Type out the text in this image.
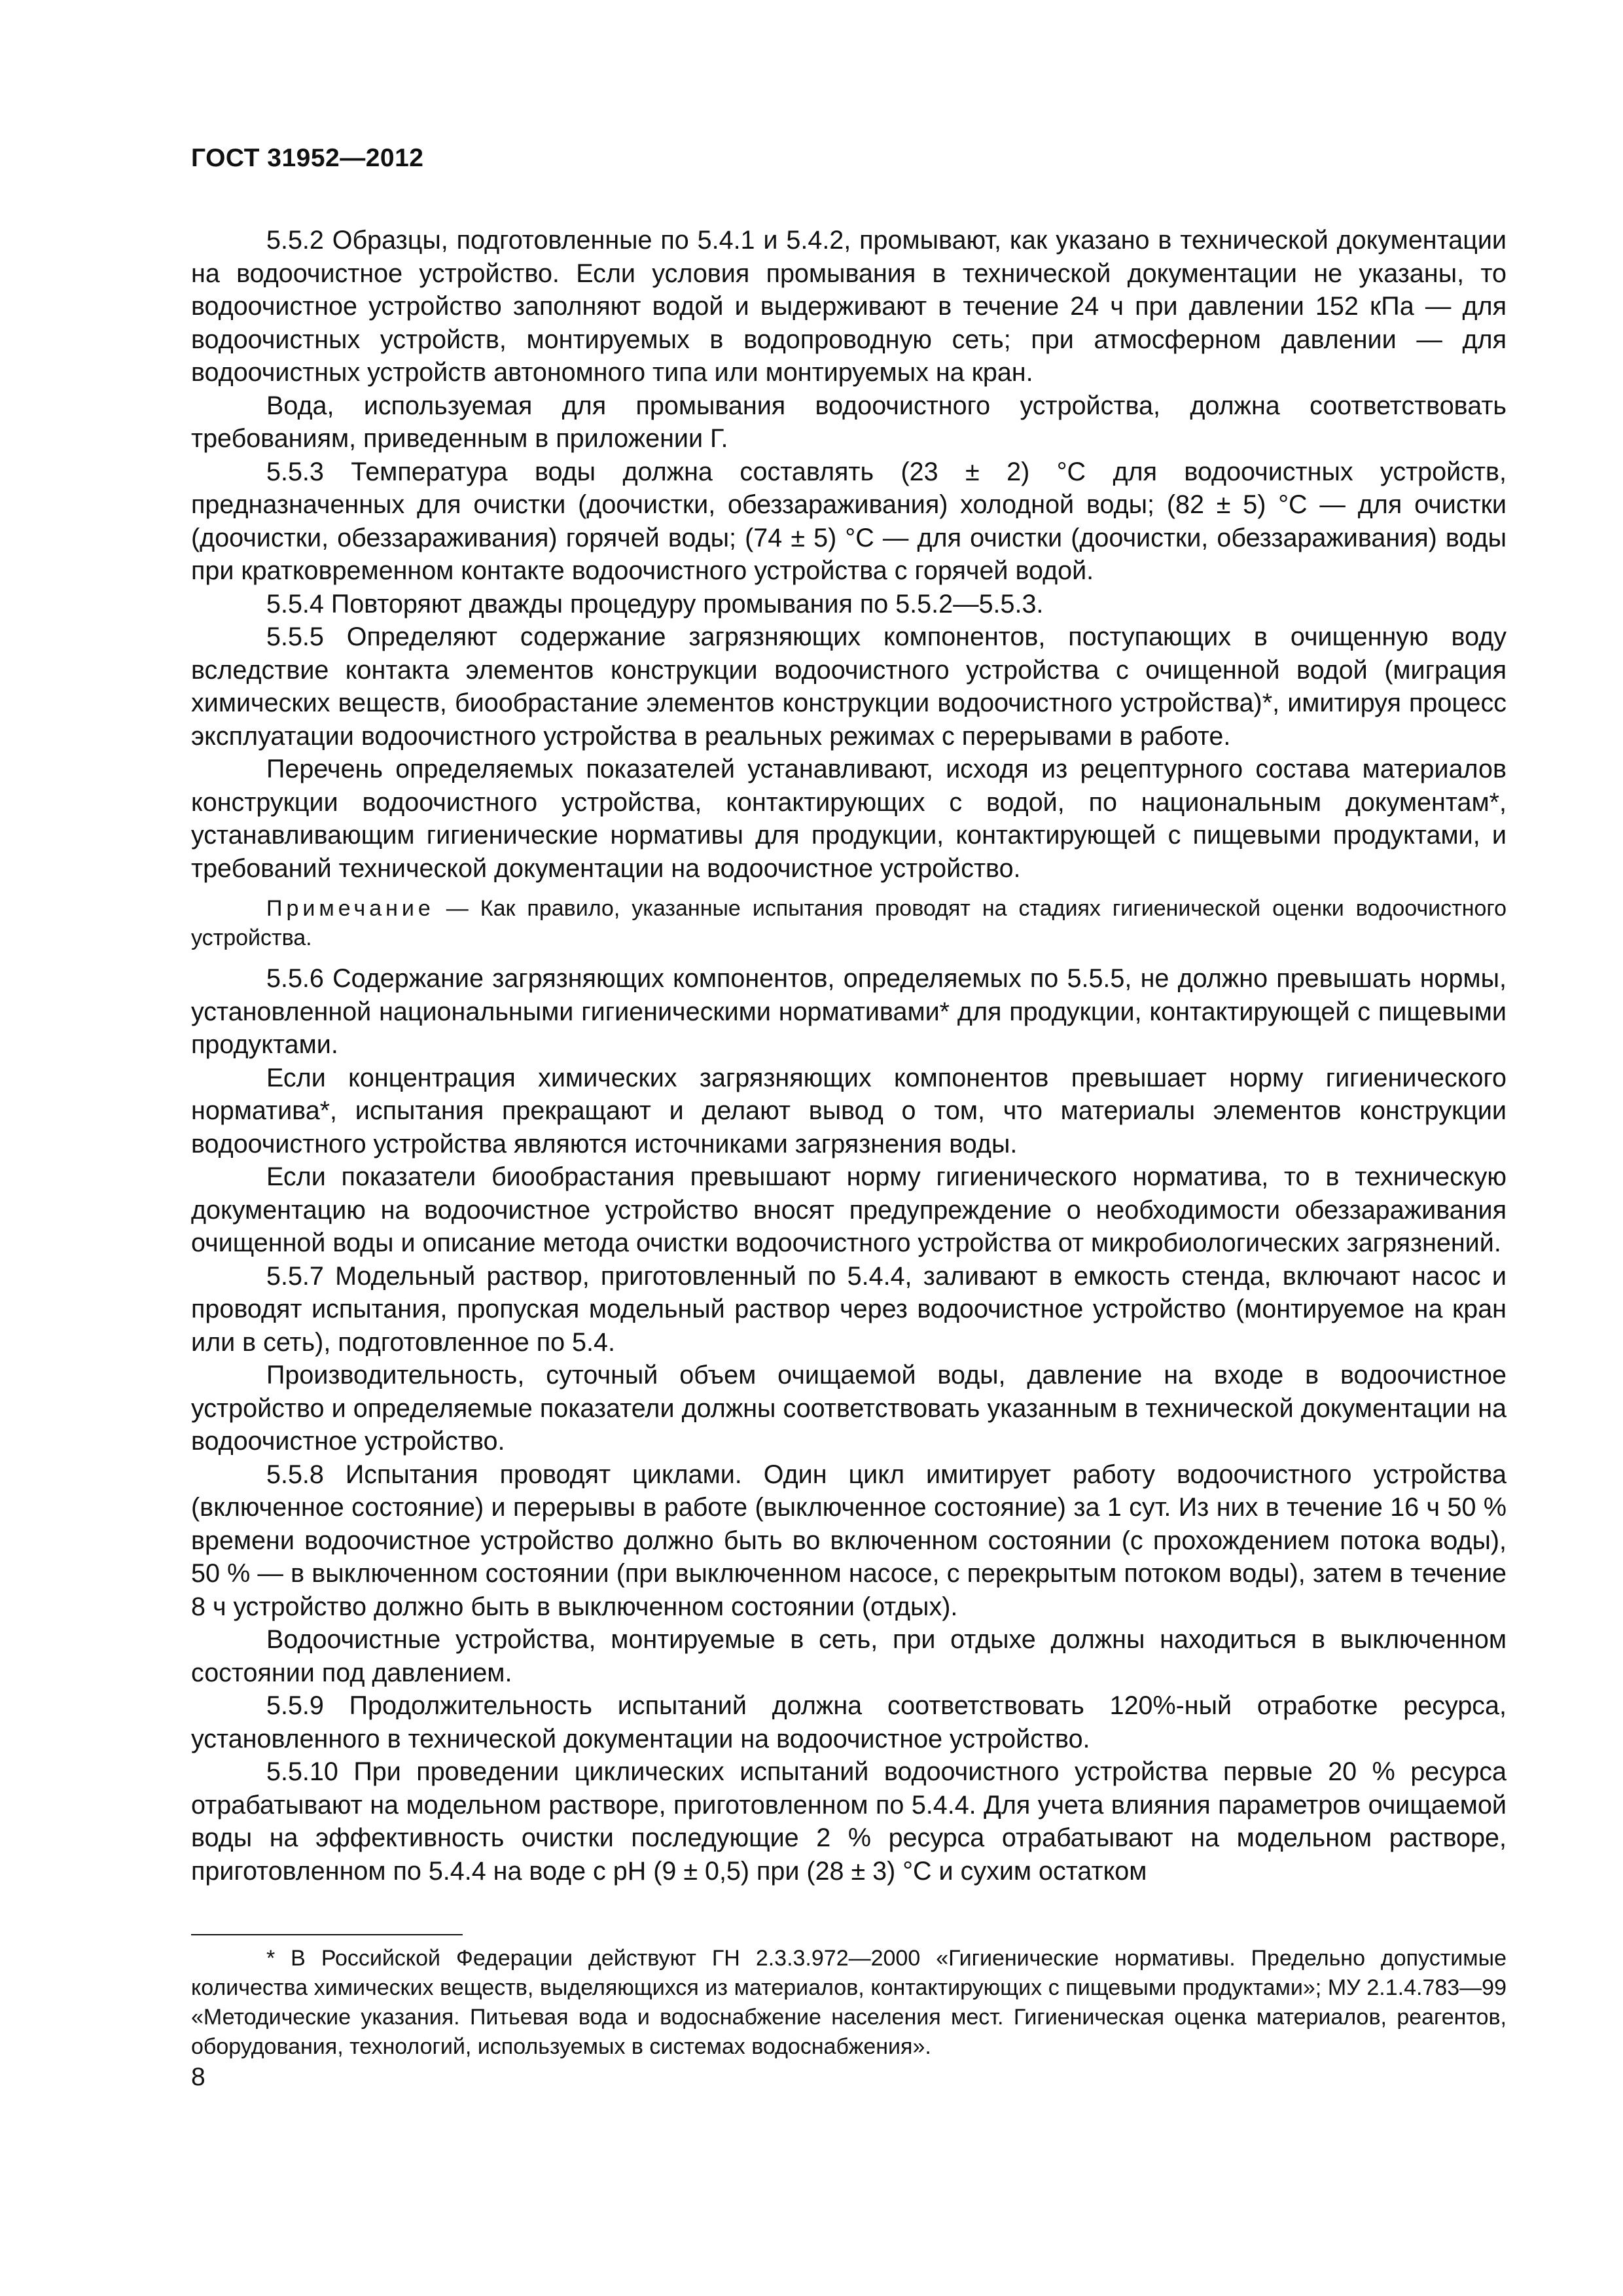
ГОСТ 31952—2012

5.5.2 Образцы, подготовленные по 5.4.1 и 5.4.2, промывают, как указано в технической документации на водоочистное устройство. Если условия промывания в технической документации не указаны, то водоочистное устройство заполняют водой и выдерживают в течение 24 ч при давлении 152 кПа — для водоочистных устройств, монтируемых в водопроводную сеть; при атмосферном давлении — для водоочистных устройств автономного типа или монтируемых на кран.

Вода, используемая для промывания водоочистного устройства, должна соответствовать требованиям, приведенным в приложении Г.

5.5.3 Температура воды должна составлять (23 ± 2) °С для водоочистных устройств, предназначенных для очистки (доочистки, обеззараживания) холодной воды; (82 ± 5) °С — для очистки (доочистки, обеззараживания) горячей воды; (74 ± 5) °С — для очистки (доочистки, обеззараживания) воды при кратковременном контакте водоочистного устройства с горячей водой.

5.5.4 Повторяют дважды процедуру промывания по 5.5.2—5.5.3.

5.5.5 Определяют содержание загрязняющих компонентов, поступающих в очищенную воду вследствие контакта элементов конструкции водоочистного устройства с очищенной водой (миграция химических веществ, биообрастание элементов конструкции водоочистного устройства)*, имитируя процесс эксплуатации водоочистного устройства в реальных режимах с перерывами в работе.

Перечень определяемых показателей устанавливают, исходя из рецептурного состава материалов конструкции водоочистного устройства, контактирующих с водой, по национальным документам*, устанавливающим гигиенические нормативы для продукции, контактирующей с пищевыми продуктами, и требований технической документации на водоочистное устройство.

Примечание — Как правило, указанные испытания проводят на стадиях гигиенической оценки водоочистного устройства.

5.5.6 Содержание загрязняющих компонентов, определяемых по 5.5.5, не должно превышать нормы, установленной национальными гигиеническими нормативами* для продукции, контактирующей с пищевыми продуктами.

Если концентрация химических загрязняющих компонентов превышает норму гигиенического норматива*, испытания прекращают и делают вывод о том, что материалы элементов конструкции водоочистного устройства являются источниками загрязнения воды.

Если показатели биообрастания превышают норму гигиенического норматива, то в техническую документацию на водоочистное устройство вносят предупреждение о необходимости обеззараживания очищенной воды и описание метода очистки водоочистного устройства от микробиологических загрязнений.

5.5.7 Модельный раствор, приготовленный по 5.4.4, заливают в емкость стенда, включают насос и проводят испытания, пропуская модельный раствор через водоочистное устройство (монтируемое на кран или в сеть), подготовленное по 5.4.

Производительность, суточный объем очищаемой воды, давление на входе в водоочистное устройство и определяемые показатели должны соответствовать указанным в технической документации на водоочистное устройство.

5.5.8 Испытания проводят циклами. Один цикл имитирует работу водоочистного устройства (включенное состояние) и перерывы в работе (выключенное состояние) за 1 сут. Из них в течение 16 ч 50 % времени водоочистное устройство должно быть во включенном состоянии (с прохождением потока воды), 50 % — в выключенном состоянии (при выключенном насосе, с перекрытым потоком воды), затем в течение 8 ч устройство должно быть в выключенном состоянии (отдых).

Водоочистные устройства, монтируемые в сеть, при отдыхе должны находиться в выключенном состоянии под давлением.

5.5.9 Продолжительность испытаний должна соответствовать 120%-ный отработке ресурса, установленного в технической документации на водоочистное устройство.

5.5.10 При проведении циклических испытаний водоочистного устройства первые 20 % ресурса отрабатывают на модельном растворе, приготовленном по 5.4.4. Для учета влияния параметров очищаемой воды на эффективность очистки последующие 2 % ресурса отрабатывают на модельном растворе, приготовленном по 5.4.4 на воде с рН (9 ± 0,5) при (28 ± 3) °С и сухим остатком

* В Российской Федерации действуют ГН 2.3.3.972—2000 «Гигиенические нормативы. Предельно допустимые количества химических веществ, выделяющихся из материалов, контактирующих с пищевыми продуктами»; МУ 2.1.4.783—99 «Методические указания. Питьевая вода и водоснабжение населения мест. Гигиеническая оценка материалов, реагентов, оборудования, технологий, используемых в системах водоснабжения».

8
